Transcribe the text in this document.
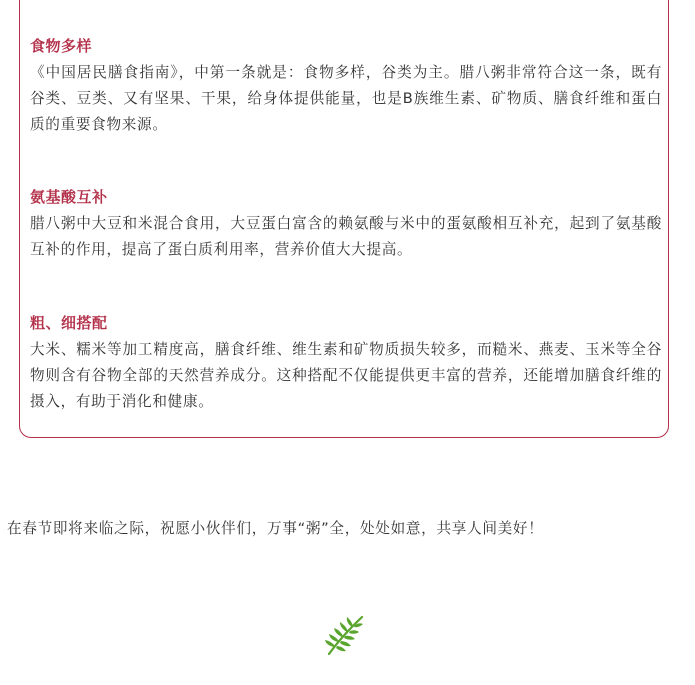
食物多样

《中国居民膳食指南》，中第一条就是：食物多样，谷类为主。腊八粥非常符合这一条，既有谷类、豆类、又有坚果、干果，给身体提供能量，也是B族维生素、矿物质、膳食纤维和蛋白质的重要食物来源。

氨基酸互补

腊八粥中大豆和米混合食用，大豆蛋白富含的赖氨酸与米中的蛋氨酸相互补充，起到了氨基酸互补的作用，提高了蛋白质利用率，营养价值大大提高。

粗、细搭配

大米、糯米等加工精度高，膳食纤维、维生素和矿物质损失较多，而糙米、燕麦、玉米等全谷物则含有谷物全部的天然营养成分。这种搭配不仅能提供更丰富的营养，还能增加膳食纤维的摄入，有助于消化和健康。

在春节即将来临之际，祝愿小伙伴们，万事“粥”全，处处如意，共享人间美好！
